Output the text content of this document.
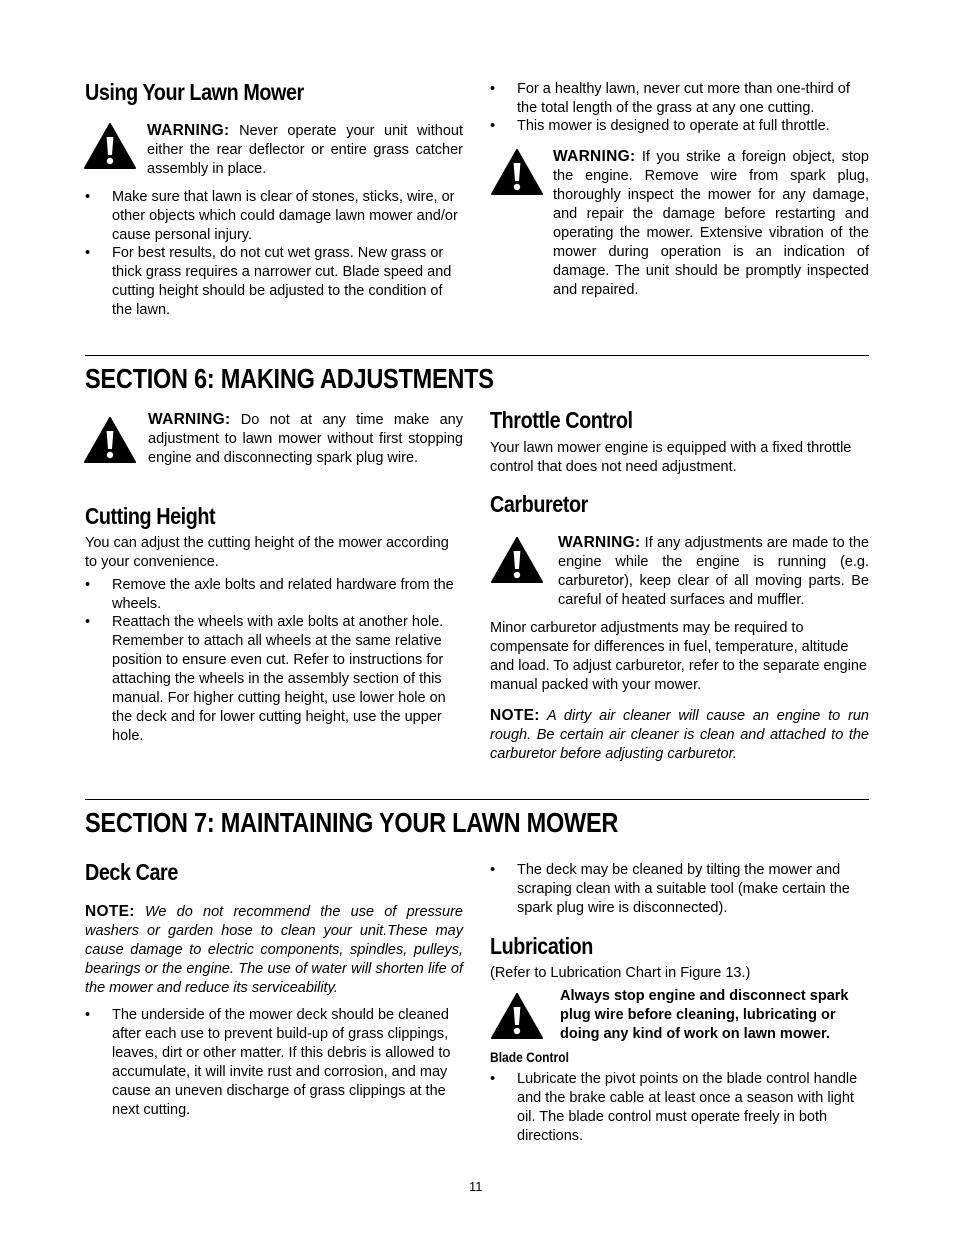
Using Your Lawn Mower
WARNING: Never operate your unit without either the rear deflector or entire grass catcher assembly in place.
• Make sure that lawn is clear of stones, sticks, wire, or other objects which could damage lawn mower and/or cause personal injury.
• For best results, do not cut wet grass. New grass or thick grass requires a narrower cut. Blade speed and cutting height should be adjusted to the condition of the lawn.
• For a healthy lawn, never cut more than one-third of the total length of the grass at any one cutting.
• This mower is designed to operate at full throttle.
WARNING: If you strike a foreign object, stop the engine. Remove wire from spark plug, thoroughly inspect the mower for any damage, and repair the damage before restarting and operating the mower. Extensive vibration of the mower during operation is an indication of damage. The unit should be promptly inspected and repaired.
SECTION 6: MAKING ADJUSTMENTS
WARNING: Do not at any time make any adjustment to lawn mower without first stopping engine and disconnecting spark plug wire.
Cutting Height
You can adjust the cutting height of the mower according to your convenience.
• Remove the axle bolts and related hardware from the wheels.
• Reattach the wheels with axle bolts at another hole. Remember to attach all wheels at the same relative position to ensure even cut. Refer to instructions for attaching the wheels in the assembly section of this manual. For higher cutting height, use lower hole on the deck and for lower cutting height, use the upper hole.
Throttle Control
Your lawn mower engine is equipped with a fixed throttle control that does not need adjustment.
Carburetor
WARNING: If any adjustments are made to the engine while the engine is running (e.g. carburetor), keep clear of all moving parts. Be careful of heated surfaces and muffler.
Minor carburetor adjustments may be required to compensate for differences in fuel, temperature, altitude and load. To adjust carburetor, refer to the separate engine manual packed with your mower.
NOTE: A dirty air cleaner will cause an engine to run rough. Be certain air cleaner is clean and attached to the carburetor before adjusting carburetor.
SECTION 7: MAINTAINING YOUR LAWN MOWER
Deck Care
NOTE: We do not recommend the use of pressure washers or garden hose to clean your unit.These may cause damage to electric components, spindles, pulleys, bearings or the engine. The use of water will shorten life of the mower and reduce its serviceability.
• The underside of the mower deck should be cleaned after each use to prevent build-up of grass clippings, leaves, dirt or other matter. If this debris is allowed to accumulate, it will invite rust and corrosion, and may cause an uneven discharge of grass clippings at the next cutting.
• The deck may be cleaned by tilting the mower and scraping clean with a suitable tool (make certain the spark plug wire is disconnected).
Lubrication
(Refer to Lubrication Chart in Figure 13.)
Always stop engine and disconnect spark plug wire before cleaning, lubricating or doing any kind of work on lawn mower.
Blade Control
• Lubricate the pivot points on the blade control handle and the brake cable at least once a season with light oil. The blade control must operate freely in both directions.
11
